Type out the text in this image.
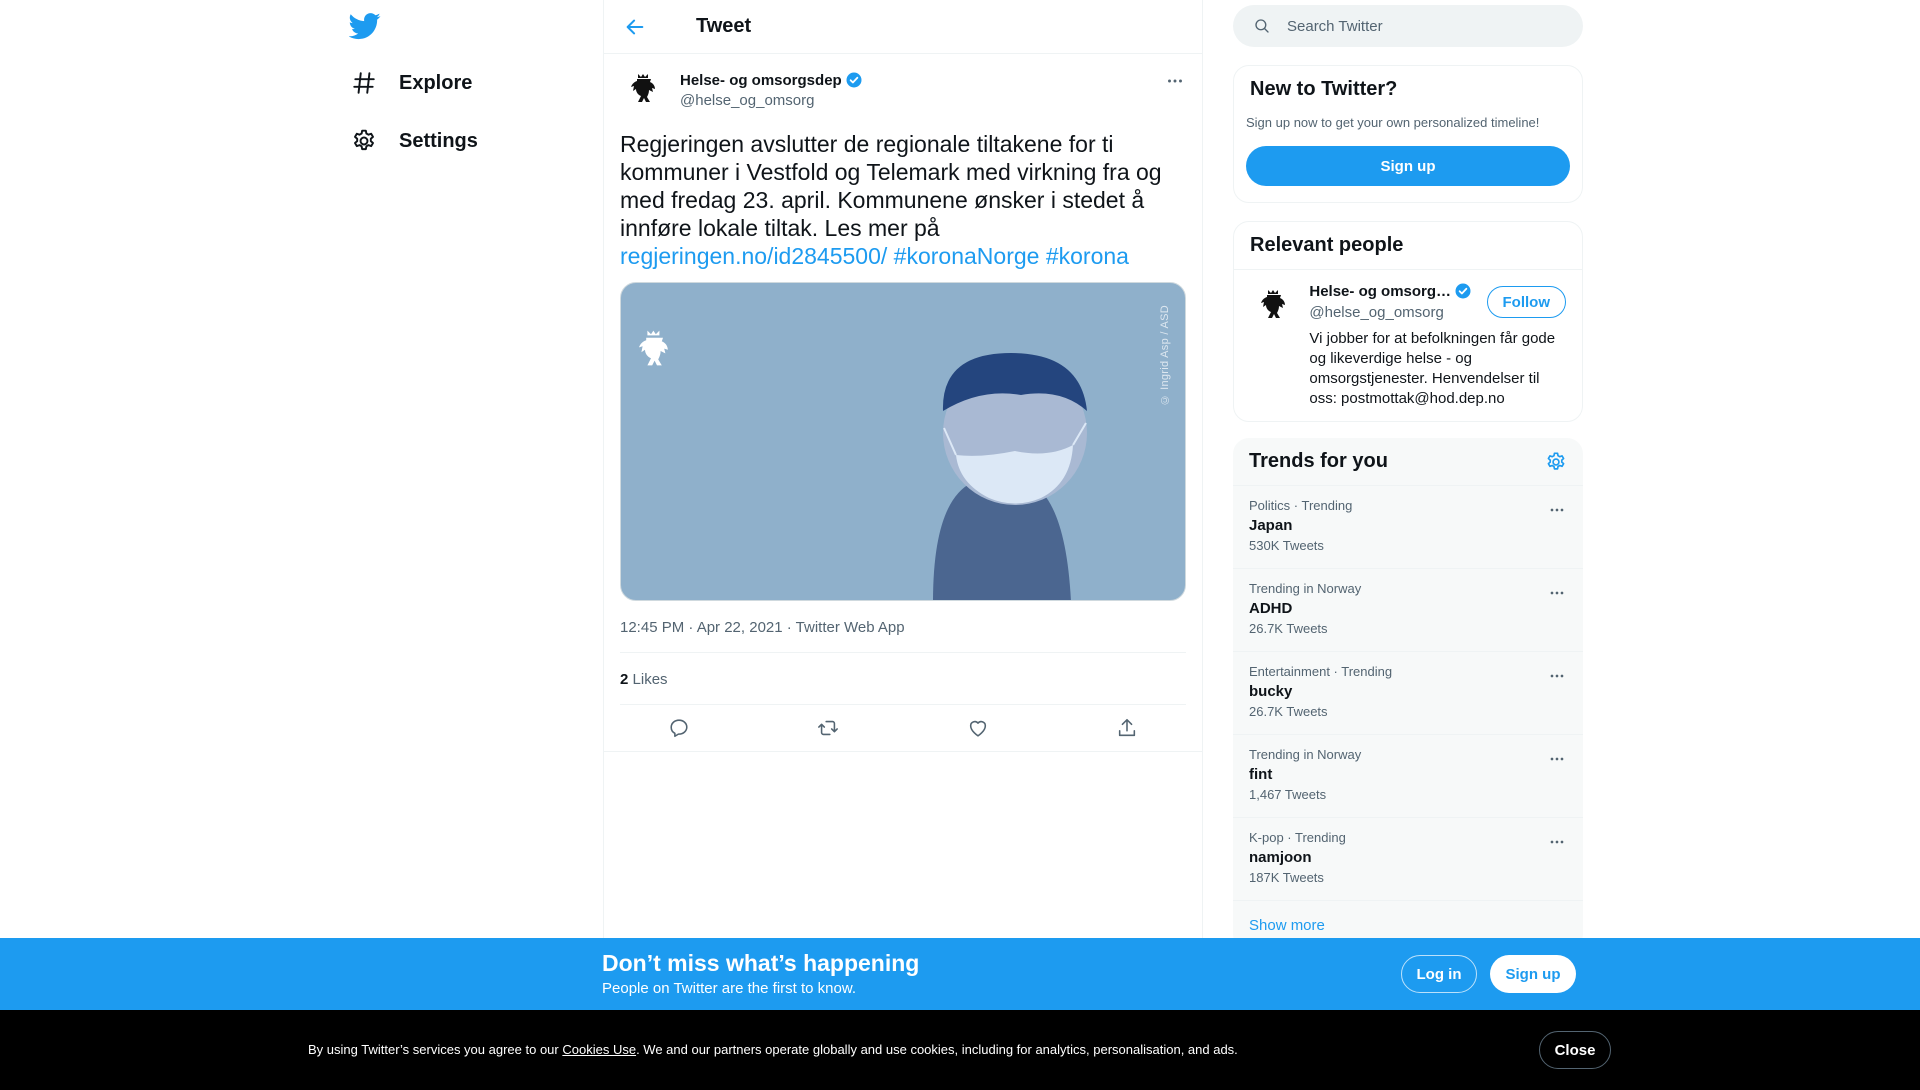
Explore
Settings
Tweet
Helse- og omsorgsdep
@helse_og_omsorg
Regjeringen avslutter de regionale tiltakene for ti kommuner i Vestfold og Telemark med virkning fra og med fredag 23. april. Kommunene ønsker i stedet å innføre lokale tiltak. Les mer på regjeringen.no/id2845500/ #koronaNorge #korona
© Ingrid Asp / ASD
12:45 PM · Apr 22, 2021 · Twitter Web App
2 Likes
Search Twitter
New to Twitter?

Sign up now to get your own personalized timeline!

Sign up
Relevant people
Helse- og omsorg…
@helse_og_omsorg
Vi jobber for at befolkningen får gode og likeverdige helse - og omsorgstjenester. Henvendelser til oss: postmottak@hod.dep.no
Follow
Trends for you
Politics · Trending
Japan
530K Tweets
Trending in Norway
ADHD
26.7K Tweets
Entertainment · Trending
bucky
26.7K Tweets
Trending in Norway
fint
1,467 Tweets
K-pop · Trending
namjoon
187K Tweets
Show more
Don’t miss what’s happening
People on Twitter are the first to know.
Log in	Sign up
By using Twitter’s services you agree to our Cookies Use. We and our partners operate globally and use cookies, including for analytics, personalisation, and ads.	Close
